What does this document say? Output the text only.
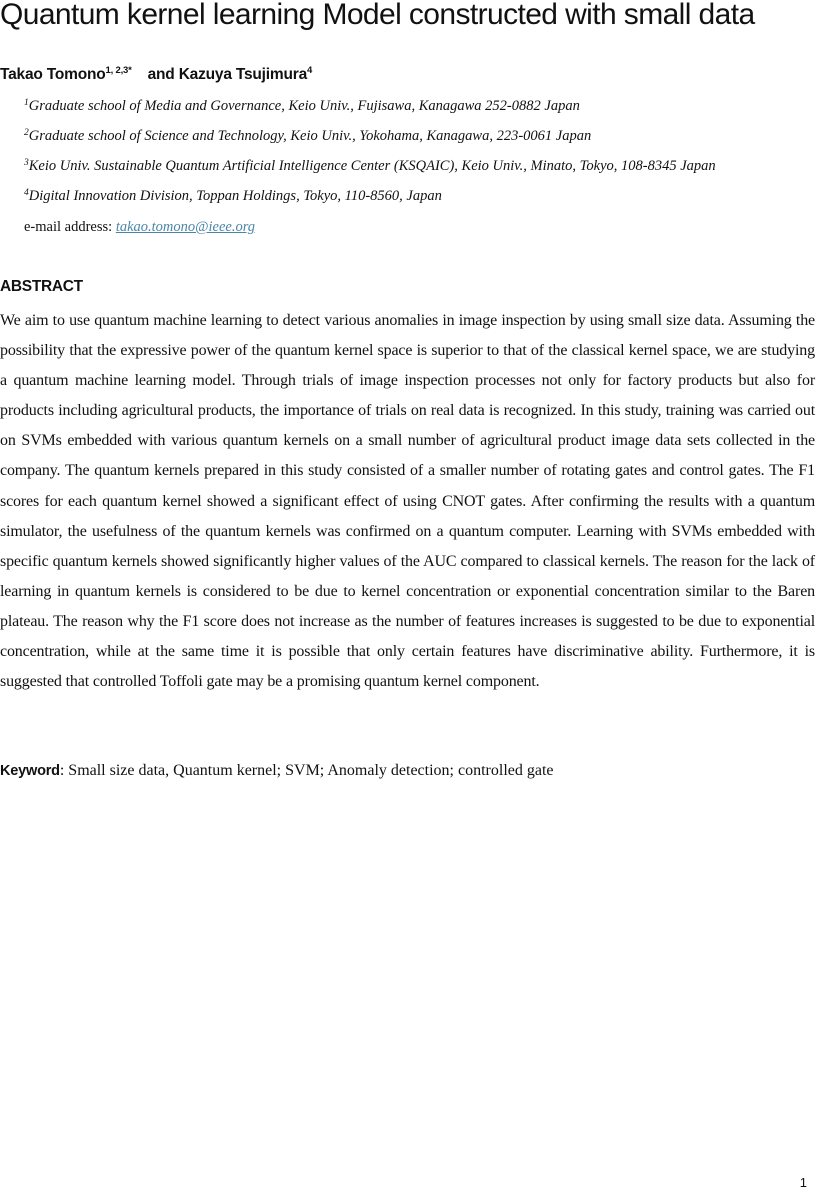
Quantum kernel learning Model constructed with small data
Takao Tomono$^{1, 2,3*}$ and Kazuya Tsujimura$^4$
$^1$Graduate school of Media and Governance, Keio Univ., Fujisawa, Kanagawa 252-0882 Japan
$^2$Graduate school of Science and Technology, Keio Univ., Yokohama, Kanagawa, 223-0061 Japan
$^3$Keio Univ. Sustainable Quantum Artificial Intelligence Center (KSQAIC), Keio Univ., Minato, Tokyo, 108-8345 Japan
$^4$Digital Innovation Division, Toppan Holdings, Tokyo, 110-8560, Japan
e-mail address: takao.tomono@ieee.org
ABSTRACT

We aim to use quantum machine learning to detect various anomalies in image inspection by using small size data. Assuming the possibility that the expressive power of the quantum kernel space is superior to that of the classical kernel space, we are studying a quantum machine learning model. Through trials of image inspection processes not only for factory products but also for products including agricultural products, the importance of trials on real data is recognized. In this study, training was carried out on SVMs embedded with various quantum kernels on a small number of agricultural product image data sets collected in the company. The quantum kernels prepared in this study consisted of a smaller number of rotating gates and control gates. The F1 scores for each quantum kernel showed a significant effect of using CNOT gates. After confirming the results with a quantum simulator, the usefulness of the quantum kernels was confirmed on a quantum computer. Learning with SVMs embedded with specific quantum kernels showed significantly higher values of the AUC compared to classical kernels. The reason for the lack of learning in quantum kernels is considered to be due to kernel concentration or exponential concentration similar to the Baren plateau. The reason why the F1 score does not increase as the number of features increases is suggested to be due to exponential concentration, while at the same time it is possible that only certain features have discriminative ability. Furthermore, it is suggested that controlled Toffoli gate may be a promising quantum kernel component.

Keyword: Small size data, Quantum kernel; SVM; Anomaly detection; controlled gate

1
